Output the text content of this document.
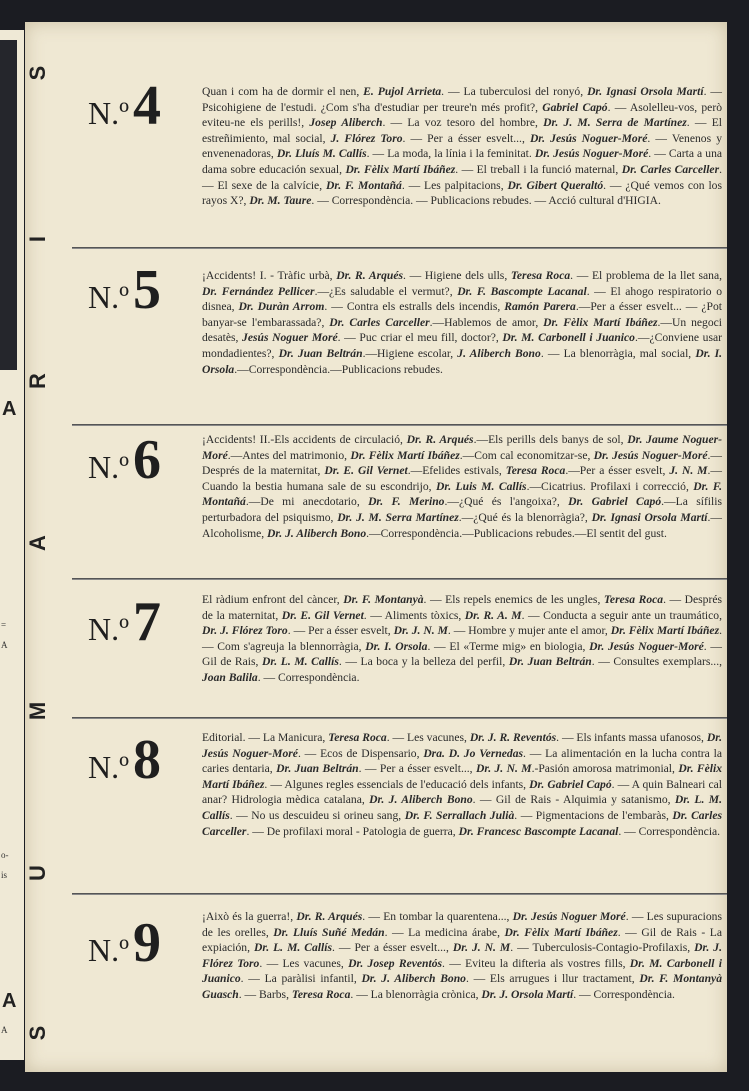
A
A
=
A
o-
is
A
S
I
R
A
M
U
S
N.º 4	Quan i com ha de dormir el nen, E. Pujol Arrieta. — La tuberculosi del ronyó, Dr. Ignasi Orsola Martí. — Psicohigiene de l'estudi. ¿Com s'ha d'estudiar per treure'n més profit?, Gabriel Capó. — Asolelleu-vos, però eviteu-ne els perills!, Josep Aliberch. — La voz tesoro del hombre, Dr. J. M. Serra de Martínez. — El estreñimiento, mal social, J. Flórez Toro. — Per a ésser esvelt..., Dr. Jesús Noguer-Moré. — Venenos y envenenadoras, Dr. Lluís M. Callís. — La moda, la línia i la feminitat. Dr. Jesús Noguer-Moré. — Carta a una dama sobre educación sexual, Dr. Fèlix Martí Ibáñez. — El treball i la funció maternal, Dr. Carles Carceller. — El sexe de la calvície, Dr. F. Montañá. — Les palpitacions, Dr. Gibert Queraltó. — ¿Qué vemos con los rayos X?, Dr. M. Taure. — Correspondència. — Publicacions rebudes. — Acció cultural d'HIGIA.
N.º 5	¡Accidents! I. - Tràfic urbà, Dr. R. Arqués. — Higiene dels ulls, Teresa Roca. — El problema de la llet sana, Dr. Fernández Pellicer.—¿Es saludable el vermut?, Dr. F. Bascompte Lacanal. — El ahogo respiratorio o disnea, Dr. Duràn Arrom. — Contra els estralls dels incendis, Ramón Parera.—Per a ésser esvelt... — ¿Pot banyar-se l'embarassada?, Dr. Carles Carceller.—Hablemos de amor, Dr. Fèlix Martí Ibáñez.—Un negoci desatès, Jesús Noguer Moré. — Puc criar el meu fill, doctor?, Dr. M. Carbonell i Juanico.—¿Conviene usar mondadientes?, Dr. Juan Beltrán.—Higiene escolar, J. Aliberch Bono. — La blenorràgia, mal social, Dr. I. Orsola.—Correspondència.—Publicacions rebudes.
N.º 6	¡Accidents! II.-Els accidents de circulació, Dr. R. Arqués.—Els perills dels banys de sol, Dr. Jaume Noguer-Moré.—Antes del matrimonio, Dr. Fèlix Martí Ibáñez.—Com cal economitzar-se, Dr. Jesús Noguer-Moré.—Després de la maternitat, Dr. E. Gil Vernet.—Efelides estivals, Teresa Roca.—Per a ésser esvelt, J. N. M.—Cuando la bestia humana sale de su escondrijo, Dr. Luis M. Callís.—Cicatrius. Profilaxi i correcció, Dr. F. Montañá.—De mi anecdotario, Dr. F. Merino.—¿Qué és l'angoixa?, Dr. Gabriel Capó.—La sífilis perturbadora del psiquismo, Dr. J. M. Serra Martínez.—¿Qué és la blenorràgia?, Dr. Ignasi Orsola Martí.—Alcoholisme, Dr. J. Aliberch Bono.—Correspondència.—Publicacions rebudes.—El sentit del gust.
N.º 7	El ràdium enfront del càncer, Dr. F. Montanyà. — Els repels enemics de les ungles, Teresa Roca. — Després de la maternitat, Dr. E. Gil Vernet. — Aliments tòxics, Dr. R. A. M. — Conducta a seguir ante un traumático, Dr. J. Flórez Toro. — Per a ésser esvelt, Dr. J. N. M. — Hombre y mujer ante el amor, Dr. Fèlix Martí Ibáñez. — Com s'agreuja la blennorràgia, Dr. I. Orsola. — El «Terme mig» en biologia, Dr. Jesús Noguer-Moré. — Gil de Rais, Dr. L. M. Callís. — La boca y la belleza del perfil, Dr. Juan Beltrán. — Consultes exemplars..., Joan Balila. — Correspondència.
N.º 8	Editorial. — La Manicura, Teresa Roca. — Les vacunes, Dr. J. R. Reventós. — Els infants massa ufanosos, Dr. Jesús Noguer-Moré. — Ecos de Dispensario, Dra. D. Jo Vernedas. — La alimentación en la lucha contra la caries dentaria, Dr. Juan Beltrán. — Per a ésser esvelt..., Dr. J. N. M.-Pasión amorosa matrimonial, Dr. Fèlix Martí Ibáñez. — Algunes regles essencials de l'educació dels infants, Dr. Gabriel Capó. — A quin Balneari cal anar? Hidrologia mèdica catalana, Dr. J. Aliberch Bono. — Gil de Rais - Alquimia y satanismo, Dr. L. M. Callís. — No us descuideu si orineu sang, Dr. F. Serrallach Julià. — Pigmentacions de l'embaràs, Dr. Carles Carceller. — De profilaxi moral - Patologia de guerra, Dr. Francesc Bascompte Lacanal. — Correspondència.
N.º 9	¡Això és la guerra!, Dr. R. Arqués. — En tombar la quarentena..., Dr. Jesús Noguer Moré. — Les supuracions de les orelles, Dr. Lluís Suñé Medán. — La medicina árabe, Dr. Fèlix Martí Ibáñez. — Gil de Rais - La expiación, Dr. L. M. Callís. — Per a ésser esvelt..., Dr. J. N. M. — Tuberculosis-Contagio-Profilaxis, Dr. J. Flórez Toro. — Les vacunes, Dr. Josep Reventós. — Eviteu la difteria als vostres fills, Dr. M. Carbonell i Juanico. — La paràlisi infantil, Dr. J. Aliberch Bono. — Els arrugues i llur tractament, Dr. F. Montanyà Guasch. — Barbs, Teresa Roca. — La blenorràgia crònica, Dr. J. Orsola Martí. — Correspondència.
